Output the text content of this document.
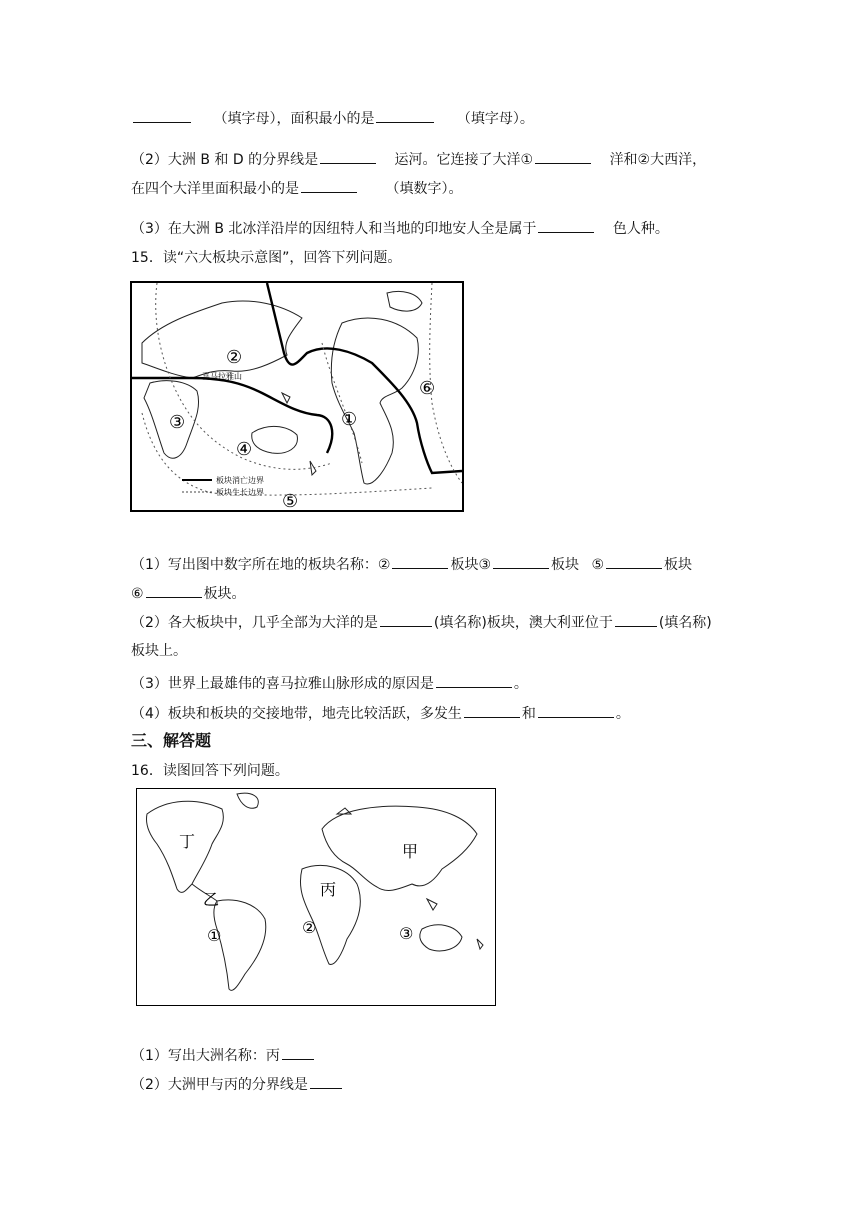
（填字母），面积最小的是	（填字母）。
（2）大洲 B 和 D 的分界线是	运河。它连接了大洋①	洋和②大西洋，
在四个大洋里面积最小的是	（填数字）。
（3）在大洲 B 北冰洋沿岸的因纽特人和当地的印地安人全是属于	色人种。
15．读“六大板块示意图”，回答下列问题。
板块消亡边界
板块生长边界
喜马拉雅山
①
②
③
④
⑤
⑥
（1）写出图中数字所在地的板块名称：②	板块③	板块 ⑤	板块
⑥	板块。
（2）各大板块中，几乎全部为大洋的是	(填名称)板块，澳大利亚位于	(填名称)
板块上。
（3）世界上最雄伟的喜马拉雅山脉形成的原因是	。
（4）板块和板块的交接地带，地壳比较活跃，多发生	和	。
三、解答题
16．读图回答下列问题。
丁
乙
丙
甲
①	②	③
（1）写出大洲名称：丙
（2）大洲甲与丙的分界线是
